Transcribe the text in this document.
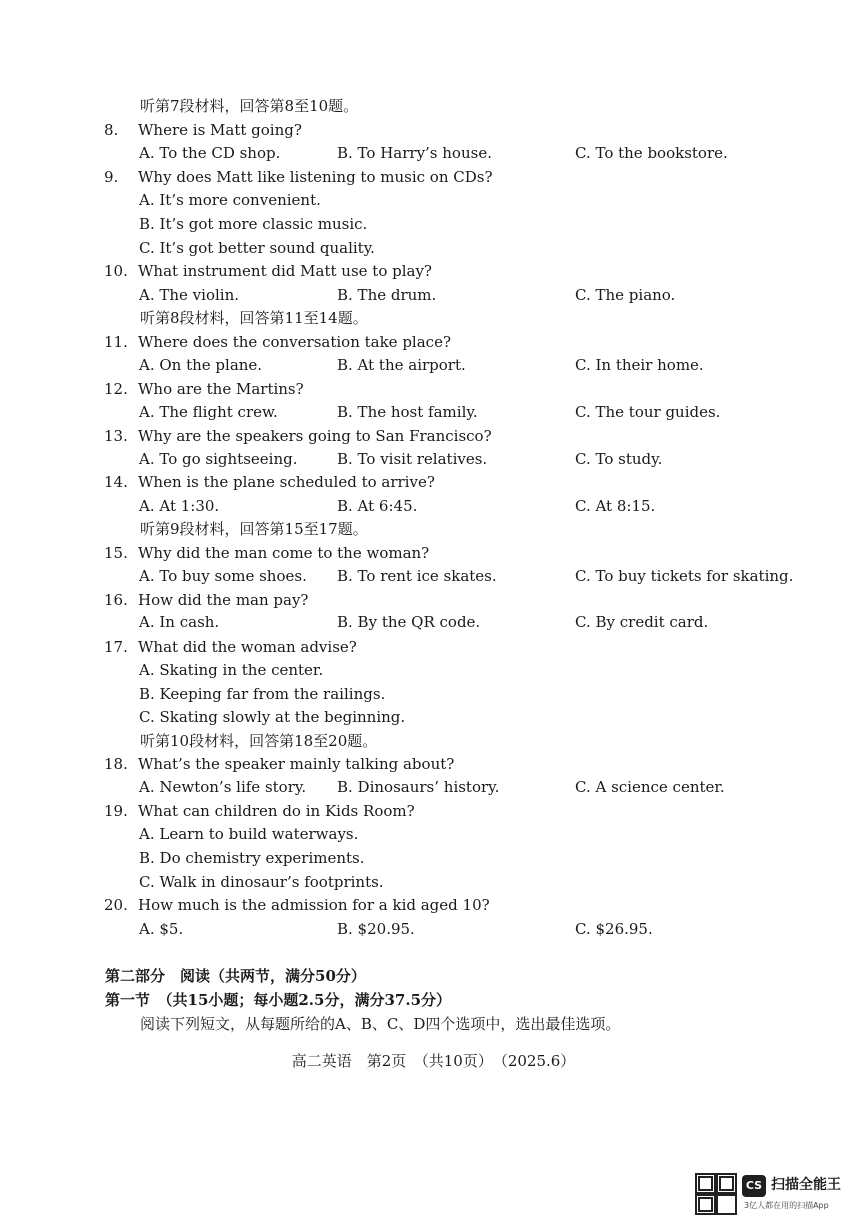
听第7段材料，回答第8至10题。
8. Where is Matt going?
A. To the CD shop.	B. To Harry’s house.	C. To the bookstore.
9. Why does Matt like listening to music on CDs?
A. It’s more convenient.
B. It’s got more classic music.
C. It’s got better sound quality.
10. What instrument did Matt use to play?
A. The violin.	B. The drum.	C. The piano.
听第8段材料，回答第11至14题。
11. Where does the conversation take place?
A. On the plane.	B. At the airport.	C. In their home.
12. Who are the Martins?
A. The flight crew.	B. The host family.	C. The tour guides.
13. Why are the speakers going to San Francisco?
A. To go sightseeing.	B. To visit relatives.	C. To study.
14. When is the plane scheduled to arrive?
A. At 1:30.	B. At 6:45.	C. At 8:15.
听第9段材料，回答第15至17题。
15. Why did the man come to the woman?
A. To buy some shoes. B. To rent ice skates.	C. To buy tickets for skating.
16. How did the man pay?
A. In cash.	B. By the QR code.	C. By credit card.
17. What did the woman advise?
A. Skating in the center.
B. Keeping far from the railings.
C. Skating slowly at the beginning.
听第10段材料，回答第18至20题。
18. What’s the speaker mainly talking about?
A. Newton’s life story. B. Dinosaurs’ history.	C. A science center.
19. What can children do in Kids Room?
A. Learn to build waterways.
B. Do chemistry experiments.
C. Walk in dinosaur’s footprints.
20. How much is the admission for a kid aged 10?
A. $5.	B. $20.95.	C. $26.95.
第二部分　阅读（共两节，满分50分）
第一节　（共15小题；每小题2.5分，满分37.5分）
阅读下列短文，从每题所给的A、B、C、D四个选项中，选出最佳选项。
高二英语　第2页　（共10页）　（2025.6）
CS 扫描全能王
3亿人都在用的扫描App
